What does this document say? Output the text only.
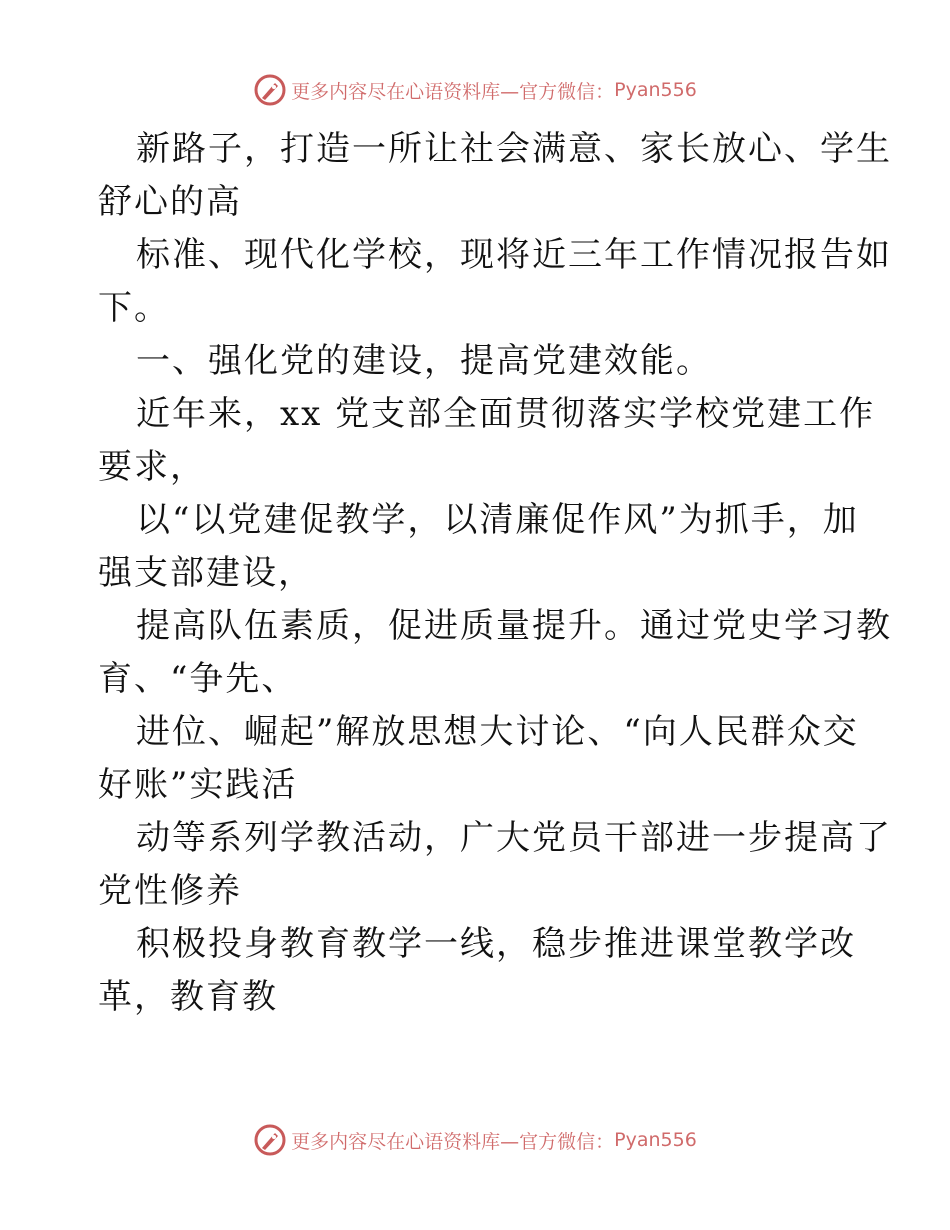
更多内容尽在心语资料库—官方微信： Pyan556
新路子，打造一所让社会满意、家长放心、学生
舒心的高
标准、现代化学校，现将近三年工作情况报告如
下。
一、强化党的建设，提高党建效能。
近年来，xx 党支部全面贯彻落实学校党建工作
要求，
以“以党建促教学，以清廉促作风”为抓手，加
强支部建设，
提高队伍素质，促进质量提升。通过党史学习教
育、“争先、
进位、崛起”解放思想大讨论、“向人民群众交
好账”实践活
动等系列学教活动，广大党员干部进一步提高了
党性修养
积极投身教育教学一线，稳步推进课堂教学改
革，教育教
更多内容尽在心语资料库—官方微信： Pyan556
